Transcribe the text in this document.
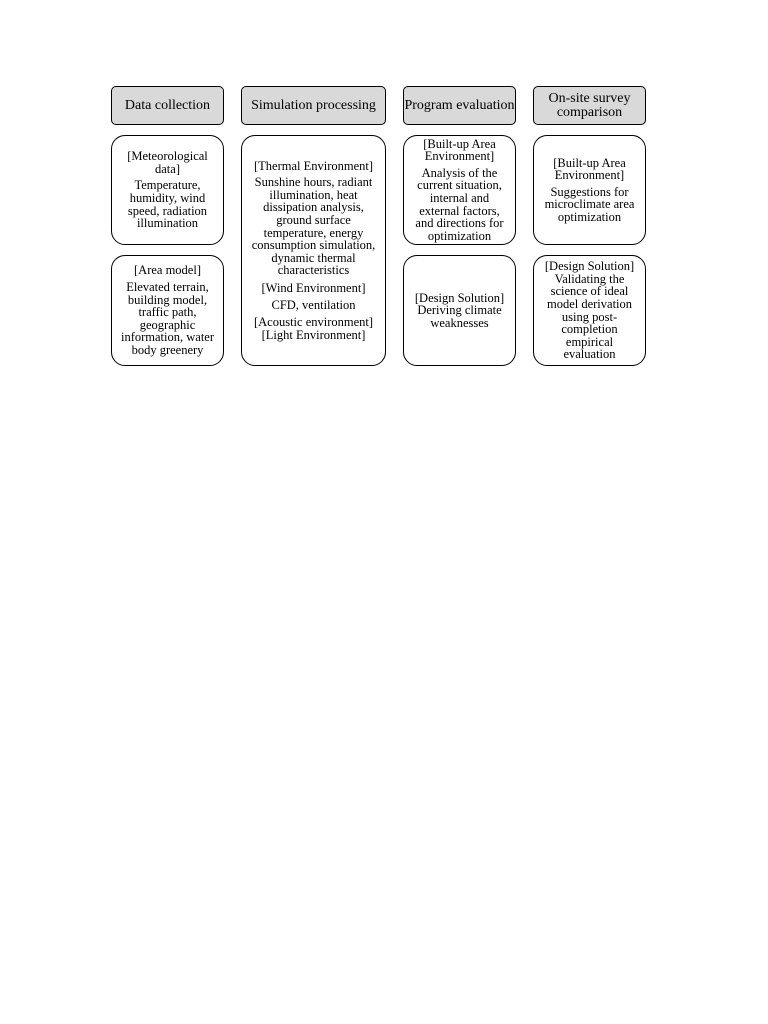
Data collection
[Meteorological data]
Temperature, humidity, wind speed, radiation illumination
[Area model]
Elevated terrain, building model, traffic path, geographic information, water body greenery
Simulation processing
[Thermal Environment]
Sunshine hours, radiant illumination, heat dissipation analysis, ground surface temperature, energy consumption simulation, dynamic thermal characteristics
[Wind Environment]
CFD, ventilation
[Acoustic environment]
[Light Environment]
Program evaluation
[Built-up Area Environment]
Analysis of the current situation, internal and external factors, and directions for optimization
[Design Solution]
Deriving climate weaknesses
On-site survey comparison
[Built-up Area Environment]
Suggestions for microclimate area optimization
[Design Solution]
Validating the science of ideal model derivation using post-completion empirical evaluation
